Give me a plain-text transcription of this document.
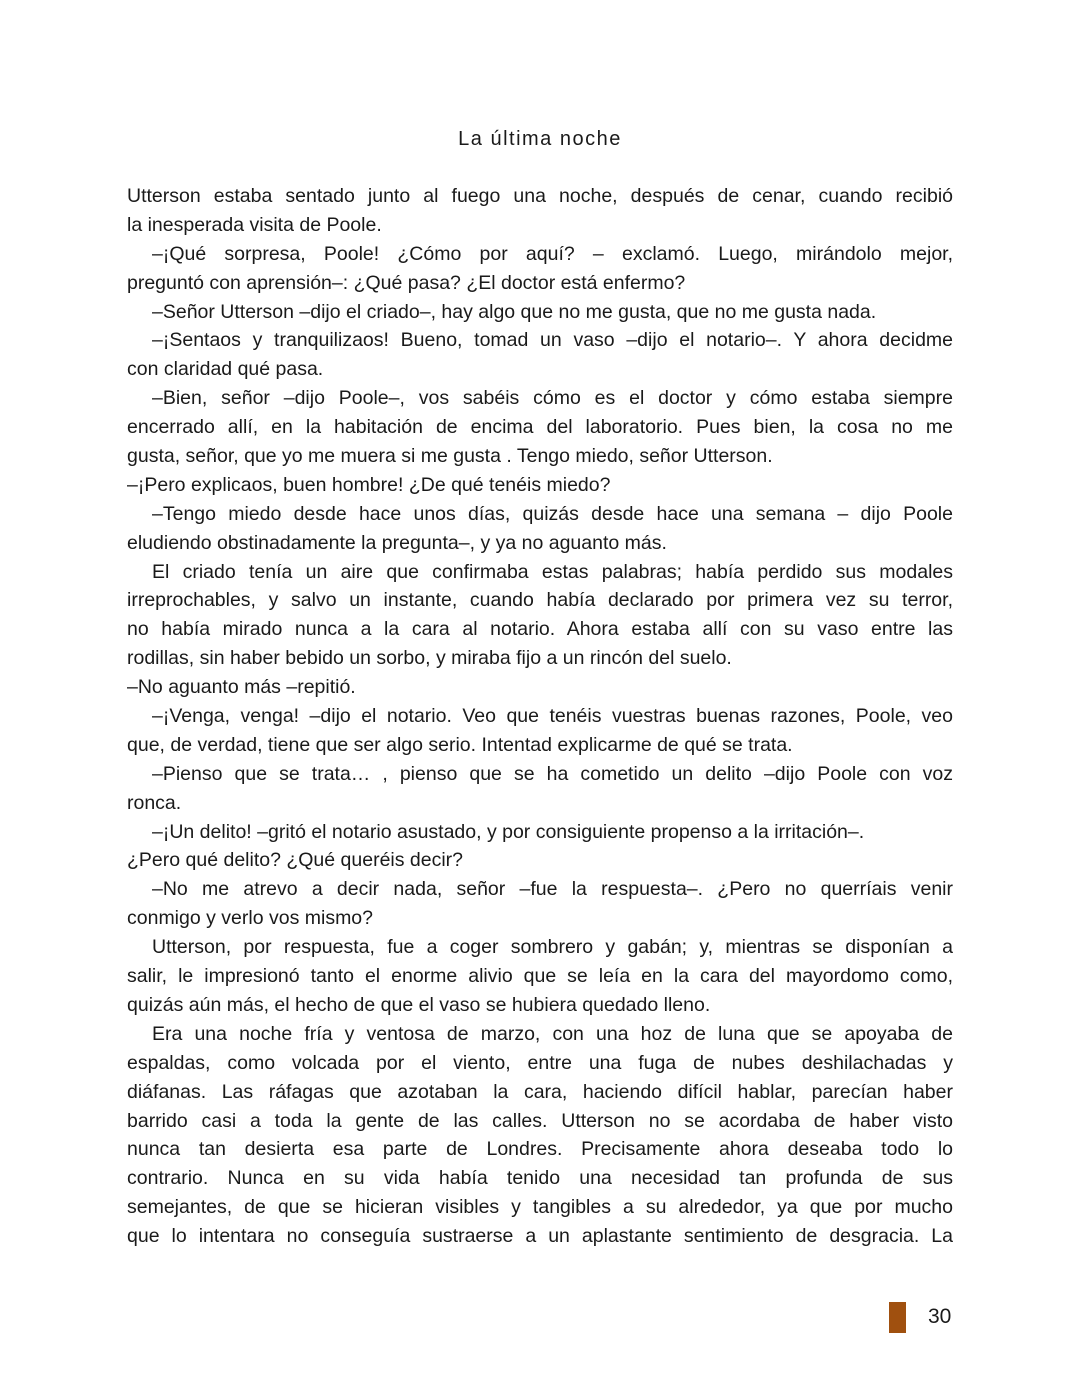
La última noche
Utterson estaba sentado junto al fuego una noche, después de cenar, cuando recibió
la inesperada visita de Poole.
–¡Qué sorpresa, Poole! ¿Cómo por aquí? – exclamó. Luego, mirándolo mejor,
preguntó con aprensión–: ¿Qué pasa? ¿El doctor está enfermo?
–Señor Utterson –dijo el criado–, hay algo que no me gusta, que no me gusta nada.
–¡Sentaos y tranquilizaos! Bueno, tomad un vaso –dijo el notario–. Y ahora decidme
con claridad qué pasa.
–Bien, señor –dijo Poole–, vos sabéis cómo es el doctor y cómo estaba siempre
encerrado allí, en la habitación de encima del laboratorio. Pues bien, la cosa no me
gusta, señor, que yo me muera si me gusta . Tengo miedo, señor Utterson.
–¡Pero explicaos, buen hombre! ¿De qué tenéis miedo?
–Tengo miedo desde hace unos días, quizás desde hace una semana – dijo Poole
eludiendo obstinadamente la pregunta–, y ya no aguanto más.
El criado tenía un aire que confirmaba estas palabras; había perdido sus modales
irreprochables, y salvo un instante, cuando había declarado por primera vez su terror,
no había mirado nunca a la cara al notario. Ahora estaba allí con su vaso entre las
rodillas, sin haber bebido un sorbo, y miraba fijo a un rincón del suelo.
–No aguanto más –repitió.
–¡Venga, venga! –dijo el notario. Veo que tenéis vuestras buenas razones, Poole, veo
que, de verdad, tiene que ser algo serio. Intentad explicarme de qué se trata.
–Pienso que se trata… , pienso que se ha cometido un delito –dijo Poole con voz
ronca.
–¡Un delito! –gritó el notario asustado, y por consiguiente propenso a la irritación–.
¿Pero qué delito? ¿Qué queréis decir?
–No me atrevo a decir nada, señor –fue la respuesta–. ¿Pero no querríais venir
conmigo y verlo vos mismo?
Utterson, por respuesta, fue a coger sombrero y gabán; y, mientras se disponían a
salir, le impresionó tanto el enorme alivio que se leía en la cara del mayordomo como,
quizás aún más, el hecho de que el vaso se hubiera quedado lleno.
Era una noche fría y ventosa de marzo, con una hoz de luna que se apoyaba de
espaldas, como volcada por el viento, entre una fuga de nubes deshilachadas y
diáfanas. Las ráfagas que azotaban la cara, haciendo difícil hablar, parecían haber
barrido casi a toda la gente de las calles. Utterson no se acordaba de haber visto
nunca tan desierta esa parte de Londres. Precisamente ahora deseaba todo lo
contrario. Nunca en su vida había tenido una necesidad tan profunda de sus
semejantes, de que se hicieran visibles y tangibles a su alrededor, ya que por mucho
que lo intentara no conseguía sustraerse a un aplastante sentimiento de desgracia. La
30
